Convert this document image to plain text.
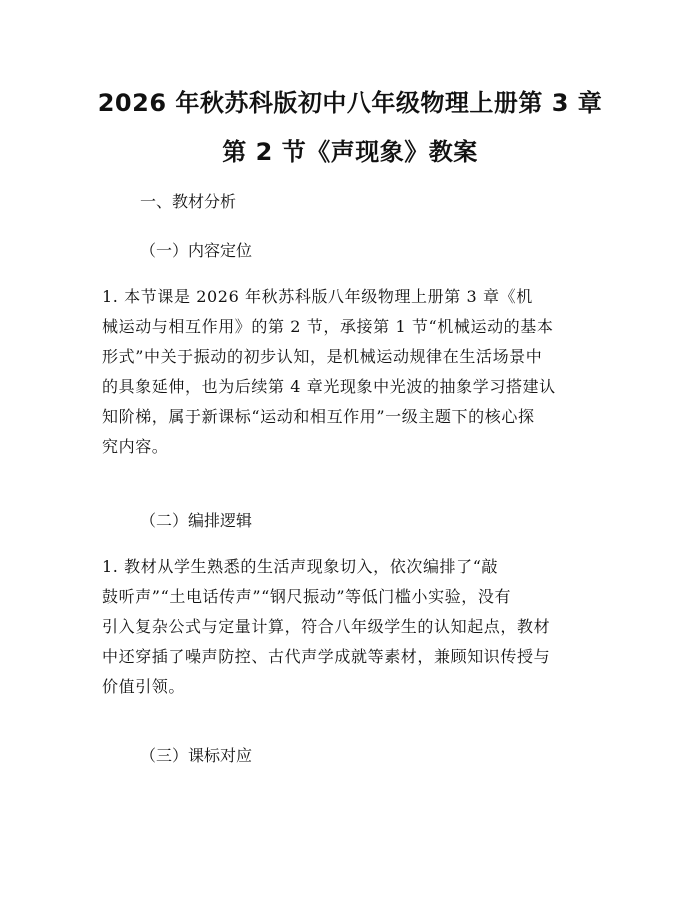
2026 年秋苏科版初中八年级物理上册第 3 章
第 2 节《声现象》教案

一、教材分析

（一）内容定位

1. 本节课是 2026 年秋苏科版八年级物理上册第 3 章《机
械运动与相互作用》的第 2 节，承接第 1 节“机械运动的基本
形式”中关于振动的初步认知，是机械运动规律在生活场景中
的具象延伸，也为后续第 4 章光现象中光波的抽象学习搭建认
知阶梯，属于新课标“运动和相互作用”一级主题下的核心探
究内容。

（二）编排逻辑

1. 教材从学生熟悉的生活声现象切入，依次编排了“敲
鼓听声”“土电话传声”“钢尺振动”等低门槛小实验，没有
引入复杂公式与定量计算，符合八年级学生的认知起点，教材
中还穿插了噪声防控、古代声学成就等素材，兼顾知识传授与
价值引领。

（三）课标对应
